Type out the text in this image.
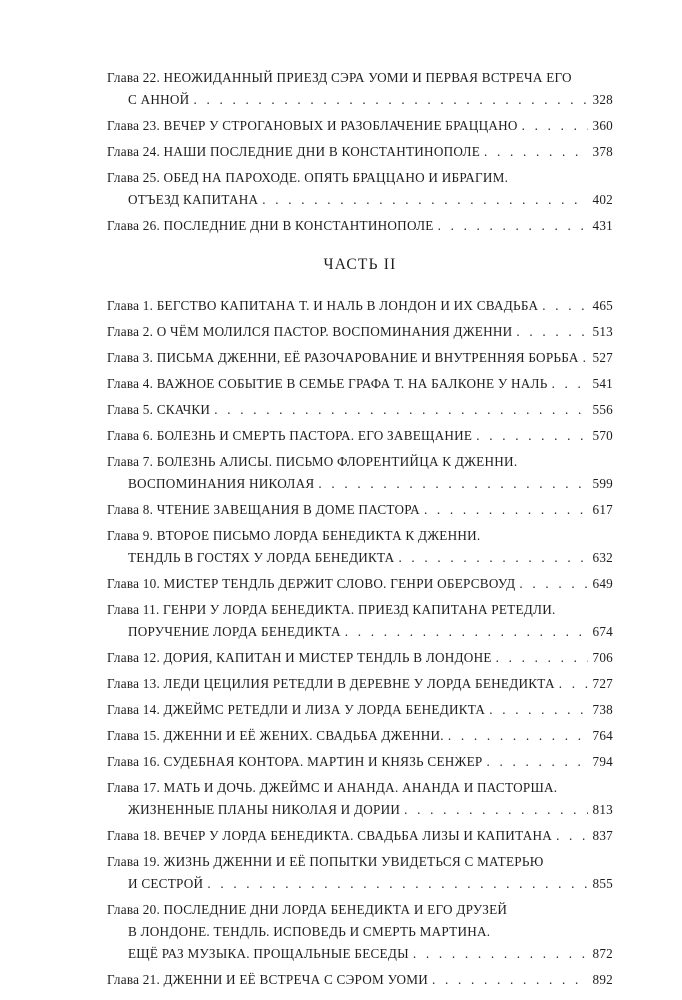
Глава 22. НЕОЖИДАННЫЙ ПРИЕЗД СЭРА УОМИ И ПЕРВАЯ ВСТРЕЧА ЕГО
С АННОЙ . . .	328
Глава 23. ВЕЧЕР У СТРОГАНОВЫХ И РАЗОБЛАЧЕНИЕ БРАЦЦАНО . . .	360
Глава 24. НАШИ ПОСЛЕДНИЕ ДНИ В КОНСТАНТИНОПОЛЕ . . .	378
Глава 25. ОБЕД НА ПАРОХОДЕ. ОПЯТЬ БРАЦЦАНО И ИБРАГИМ.
ОТЪЕЗД КАПИТАНА . . .	402
Глава 26. ПОСЛЕДНИЕ ДНИ В КОНСТАНТИНОПОЛЕ . . .	431
ЧАСТЬ II
Глава 1. БЕГСТВО КАПИТАНА Т. И НАЛЬ В ЛОНДОН И ИХ СВАДЬБА . . .	465
Глава 2. О ЧЁМ МОЛИЛСЯ ПАСТОР. ВОСПОМИНАНИЯ ДЖЕННИ . . .	513
Глава 3. ПИСЬМА ДЖЕННИ, ЕЁ РАЗОЧАРОВАНИЕ И ВНУТРЕННЯЯ БОРЬБА . . . 527
Глава 4. ВАЖНОЕ СОБЫТИЕ В СЕМЬЕ ГРАФА Т. НА БАЛКОНЕ У НАЛЬ . . .	541
Глава 5. СКАЧКИ . . .	556
Глава 6. БОЛЕЗНЬ И СМЕРТЬ ПАСТОРА. ЕГО ЗАВЕЩАНИЕ . . .	570
Глава 7. БОЛЕЗНЬ АЛИСЫ. ПИСЬМО ФЛОРЕНТИЙЦА К ДЖЕННИ.
ВОСПОМИНАНИЯ НИКОЛАЯ . . .	599
Глава 8. ЧТЕНИЕ ЗАВЕЩАНИЯ В ДОМЕ ПАСТОРА . . .	617
Глава 9. ВТОРОЕ ПИСЬМО ЛОРДА БЕНЕДИКТА К ДЖЕННИ.
ТЕНДЛЬ В ГОСТЯХ У ЛОРДА БЕНЕДИКТА . . .	632
Глава 10. МИСТЕР ТЕНДЛЬ ДЕРЖИТ СЛОВО. ГЕНРИ ОБЕРСВОУД . . .	649
Глава 11. ГЕНРИ У ЛОРДА БЕНЕДИКТА. ПРИЕЗД КАПИТАНА РЕТЕДЛИ.
ПОРУЧЕНИЕ ЛОРДА БЕНЕДИКТА . . .	674
Глава 12. ДОРИЯ, КАПИТАН И МИСТЕР ТЕНДЛЬ В ЛОНДОНЕ . . .	706
Глава 13. ЛЕДИ ЦЕЦИЛИЯ РЕТЕДЛИ В ДЕРЕВНЕ У ЛОРДА БЕНЕДИКТА . . .	727
Глава 14. ДЖЕЙМС РЕТЕДЛИ И ЛИЗА У ЛОРДА БЕНЕДИКТА . . .	738
Глава 15. ДЖЕННИ И ЕЁ ЖЕНИХ. СВАДЬБА ДЖЕННИ. . . .	764
Глава 16. СУДЕБНАЯ КОНТОРА. МАРТИН И КНЯЗЬ СЕНЖЕР . . .	794
Глава 17. МАТЬ И ДОЧЬ. ДЖЕЙМС И АНАНДА. АНАНДА И ПАСТОРША.
ЖИЗНЕННЫЕ ПЛАНЫ НИКОЛАЯ И ДОРИИ . . .	813
Глава 18. ВЕЧЕР У ЛОРДА БЕНЕДИКТА. СВАДЬБА ЛИЗЫ И КАПИТАНА . . .	837
Глава 19. ЖИЗНЬ ДЖЕННИ И ЕЁ ПОПЫТКИ УВИДЕТЬСЯ С МАТЕРЬЮ
И СЕСТРОЙ . . .	855
Глава 20. ПОСЛЕДНИЕ ДНИ ЛОРДА БЕНЕДИКТА И ЕГО ДРУЗЕЙ
В ЛОНДОНЕ. ТЕНДЛЬ. ИСПОВЕДЬ И СМЕРТЬ МАРТИНА.
ЕЩЁ РАЗ МУЗЫКА. ПРОЩАЛЬНЫЕ БЕСЕДЫ . . .	872
Глава 21. ДЖЕННИ И ЕЁ ВСТРЕЧА С СЭРОМ УОМИ . . .	892
